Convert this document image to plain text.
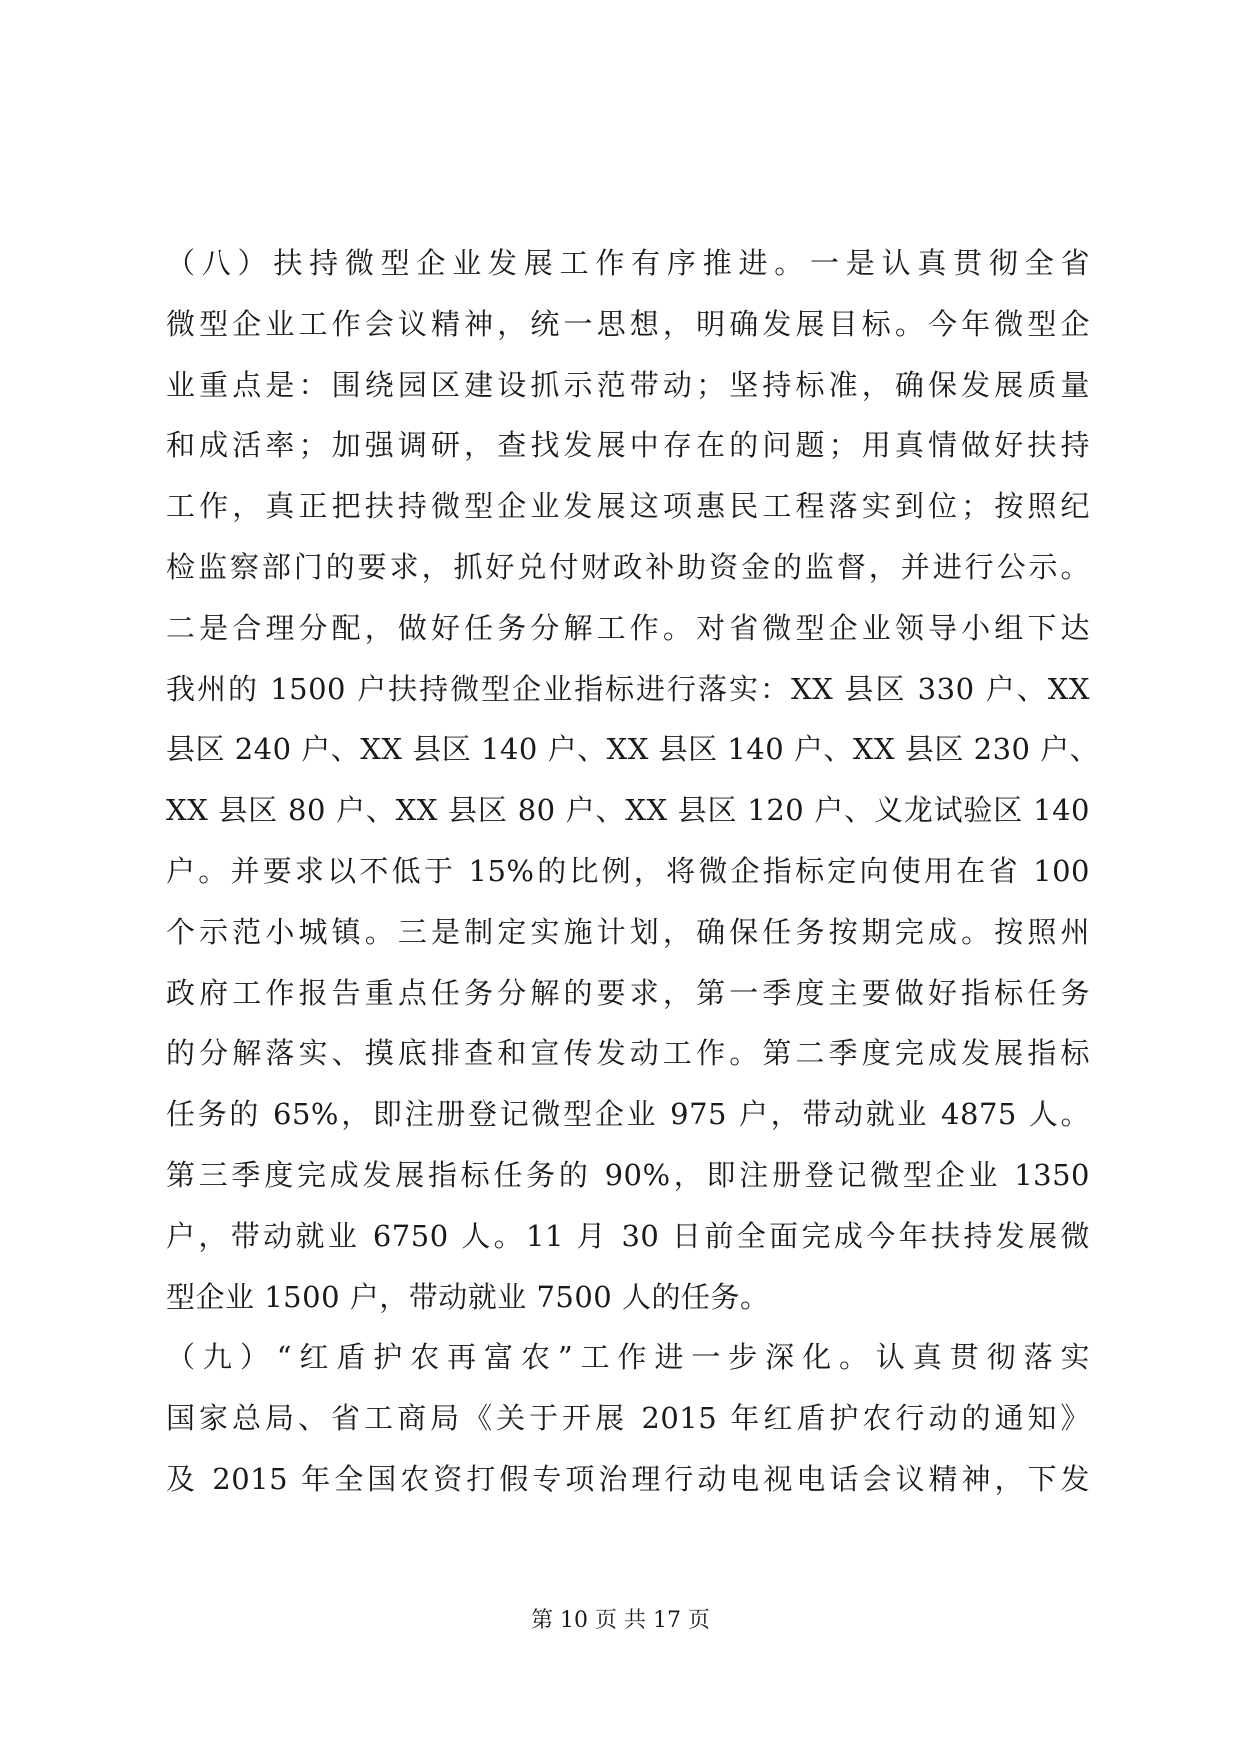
（八）扶持微型企业发展工作有序推进。一是认真贯彻全省
微型企业工作会议精神，统一思想，明确发展目标。今年微型企
业重点是：围绕园区建设抓示范带动；坚持标准，确保发展质量
和成活率；加强调研，查找发展中存在的问题；用真情做好扶持
工作，真正把扶持微型企业发展这项惠民工程落实到位；按照纪
检监察部门的要求，抓好兑付财政补助资金的监督，并进行公示。
二是合理分配，做好任务分解工作。对省微型企业领导小组下达
我州的 1500 户扶持微型企业指标进行落实：XX 县区 330 户、XX
县区 240 户、XX 县区 140 户、XX 县区 140 户、XX 县区 230 户、
XX 县区 80 户、XX 县区 80 户、XX 县区 120 户、义龙试验区 140
户。并要求以不低于 15%的比例，将微企指标定向使用在省 100
个示范小城镇。三是制定实施计划，确保任务按期完成。按照州
政府工作报告重点任务分解的要求，第一季度主要做好指标任务
的分解落实、摸底排查和宣传发动工作。第二季度完成发展指标
任务的 65%，即注册登记微型企业 975 户，带动就业 4875 人。
第三季度完成发展指标任务的 90%，即注册登记微型企业 1350
户，带动就业 6750 人。11 月 30 日前全面完成今年扶持发展微
型企业 1500 户，带动就业 7500 人的任务。
（九）“红盾护农再富农”工作进一步深化。认真贯彻落实
国家总局、省工商局《关于开展 2015 年红盾护农行动的通知》
及 2015 年全国农资打假专项治理行动电视电话会议精神，下发
第 10 页 共 17 页
